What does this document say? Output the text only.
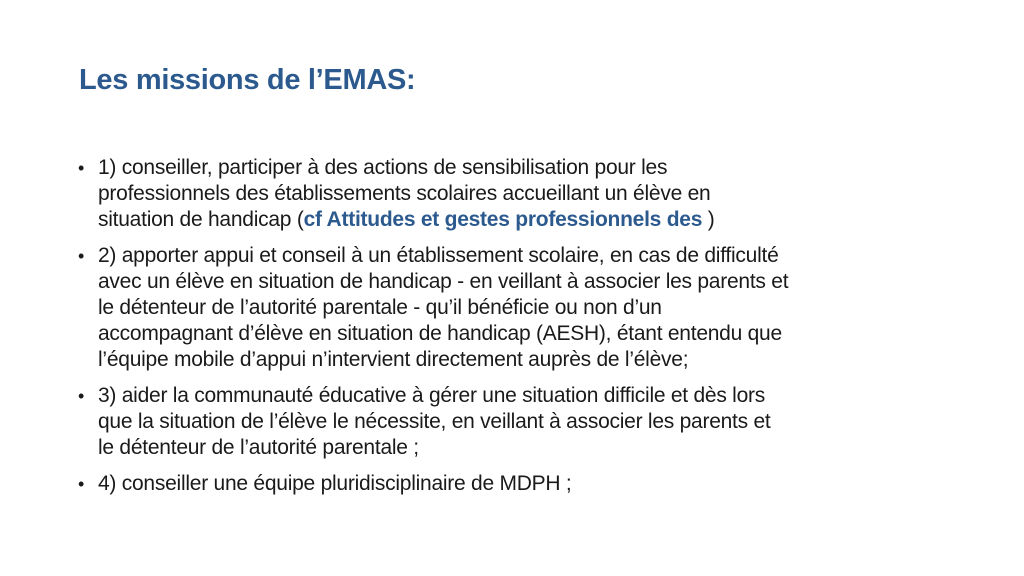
Les missions de l’EMAS:
• 1) conseiller, participer à des actions de sensibilisation pour les
professionnels des établissements scolaires accueillant un élève en
situation de handicap (cf Attitudes et gestes professionnels des )
• 2) apporter appui et conseil à un établissement scolaire, en cas de difficulté
avec un élève en situation de handicap - en veillant à associer les parents et
le détenteur de l’autorité parentale - qu’il bénéficie ou non d’un
accompagnant d’élève en situation de handicap (AESH), étant entendu que
l’équipe mobile d’appui n’intervient directement auprès de l’élève;
• 3) aider la communauté éducative à gérer une situation difficile et dès lors
que la situation de l’élève le nécessite, en veillant à associer les parents et
le détenteur de l’autorité parentale ;
• 4) conseiller une équipe pluridisciplinaire de MDPH ;
